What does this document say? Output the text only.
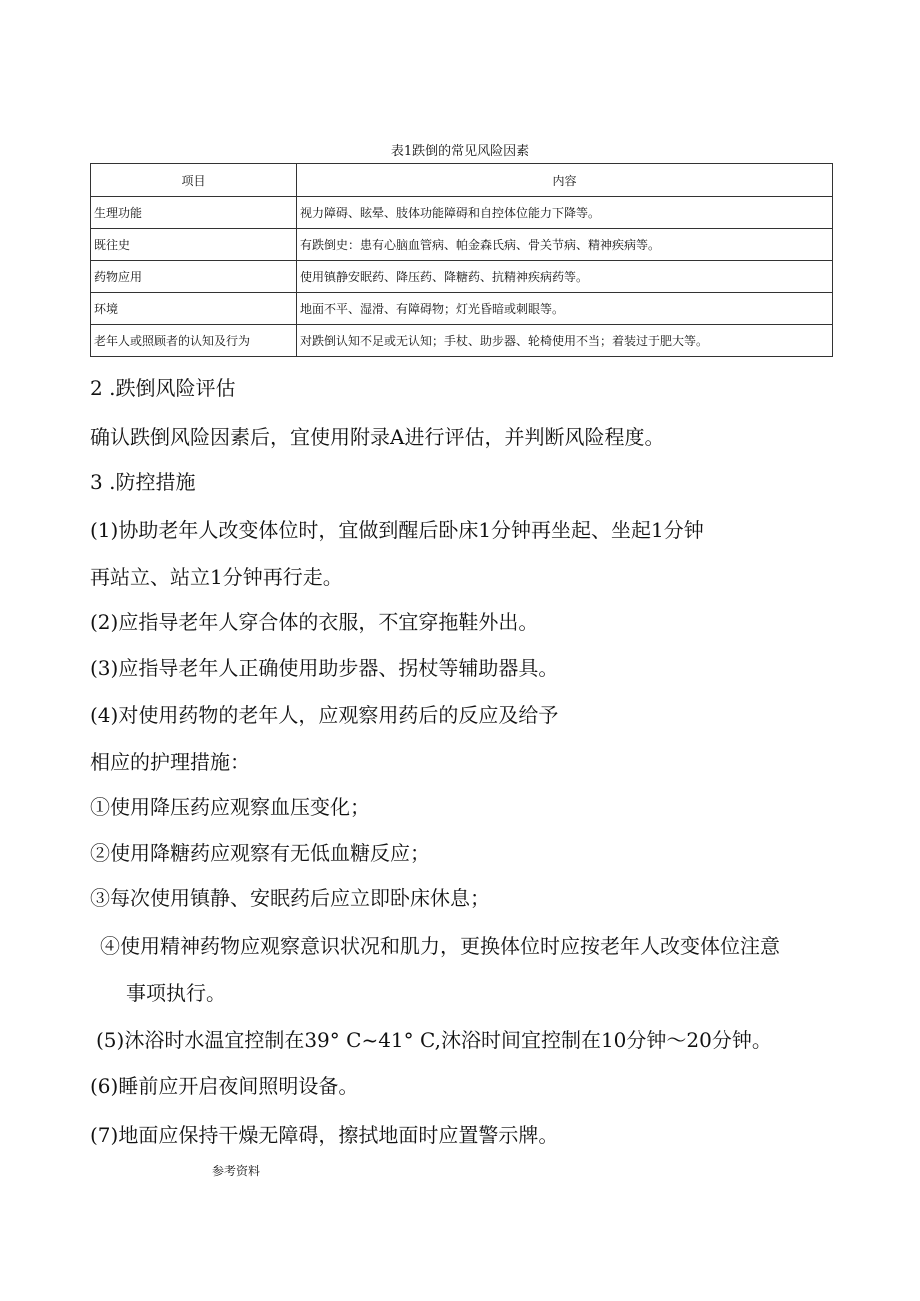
表1跌倒的常见风险因素
项目	内容
生理功能	视力障碍、眩晕、肢体功能障碍和自控体位能力下降等。
既往史	有跌倒史：患有心脑血管病、帕金森氏病、骨关节病、精神疾病等。
药物应用	使用镇静安眠药、降压药、降糖药、抗精神疾病药等。
环境	地面不平、湿滑、有障碍物；灯光昏暗或刺眼等。
老年人或照顾者的认知及行为	对跌倒认知不足或无认知；手杖、助步器、轮椅使用不当；着装过于肥大等。
2 .跌倒风险评估
确认跌倒风险因素后，宜使用附录A进行评估，并判断风险程度。
3 .防控措施
(1)协助老年人改变体位时，宜做到醒后卧床1分钟再坐起、坐起1分钟
再站立、站立1分钟再行走。
(2)应指导老年人穿合体的衣服，不宜穿拖鞋外出。
(3)应指导老年人正确使用助步器、拐杖等辅助器具。
(4)对使用药物的老年人，应观察用药后的反应及给予
相应的护理措施：
①使用降压药应观察血压变化；
②使用降糖药应观察有无低血糖反应；
③每次使用镇静、安眠药后应立即卧床休息；
④使用精神药物应观察意识状况和肌力，更换体位时应按老年人改变体位注意
事项执行。
(5)沐浴时水温宜控制在39° C~41° C,沐浴时间宜控制在10分钟～20分钟。
(6)睡前应开启夜间照明设备。
(7)地面应保持干燥无障碍，擦拭地面时应置警示牌。
参考资料
